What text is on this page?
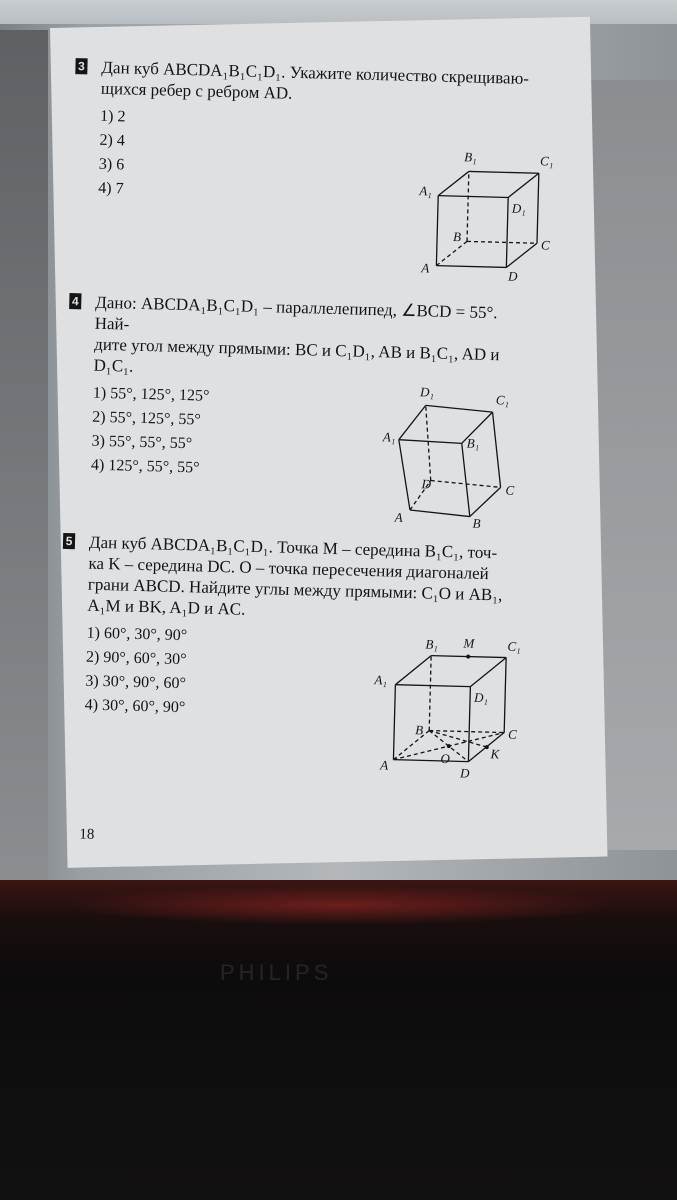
3 Дан куб ABCDA₁B₁C₁D₁. Укажите количество скрещиваю-
щихся ребер с ребром AD.
1) 2
2) 4
3) 6
4) 7
A
D
C
B
A₁
D₁
C₁
B₁
4 Дано: ABCDA₁B₁C₁D₁ – параллелепипед, ∠BCD = 55°. Най-
дите угол между прямыми: BC и C₁D₁, AB и B₁C₁, AD и
D₁C₁.
1) 55°, 125°, 125°
2) 55°, 125°, 55°
3) 55°, 55°, 55°
4) 125°, 55°, 55°
A	B
C
D
A₁	B₁
C₁
D₁
5 Дан куб ABCDA₁B₁C₁D₁. Точка M – середина B₁C₁, точ-
ка K – середина DC. O – точка пересечения диагоналей
грани ABCD. Найдите углы между прямыми: C₁O и AB₁,
A₁M и BK, A₁D и AC.
1) 60°, 30°, 90°
2) 90°, 60°, 30°
3) 30°, 90°, 60°
4) 30°, 60°, 90°
A
D
C
B
A₁
D₁
C₁
B₁ M
K
O
18
PHILIPS
